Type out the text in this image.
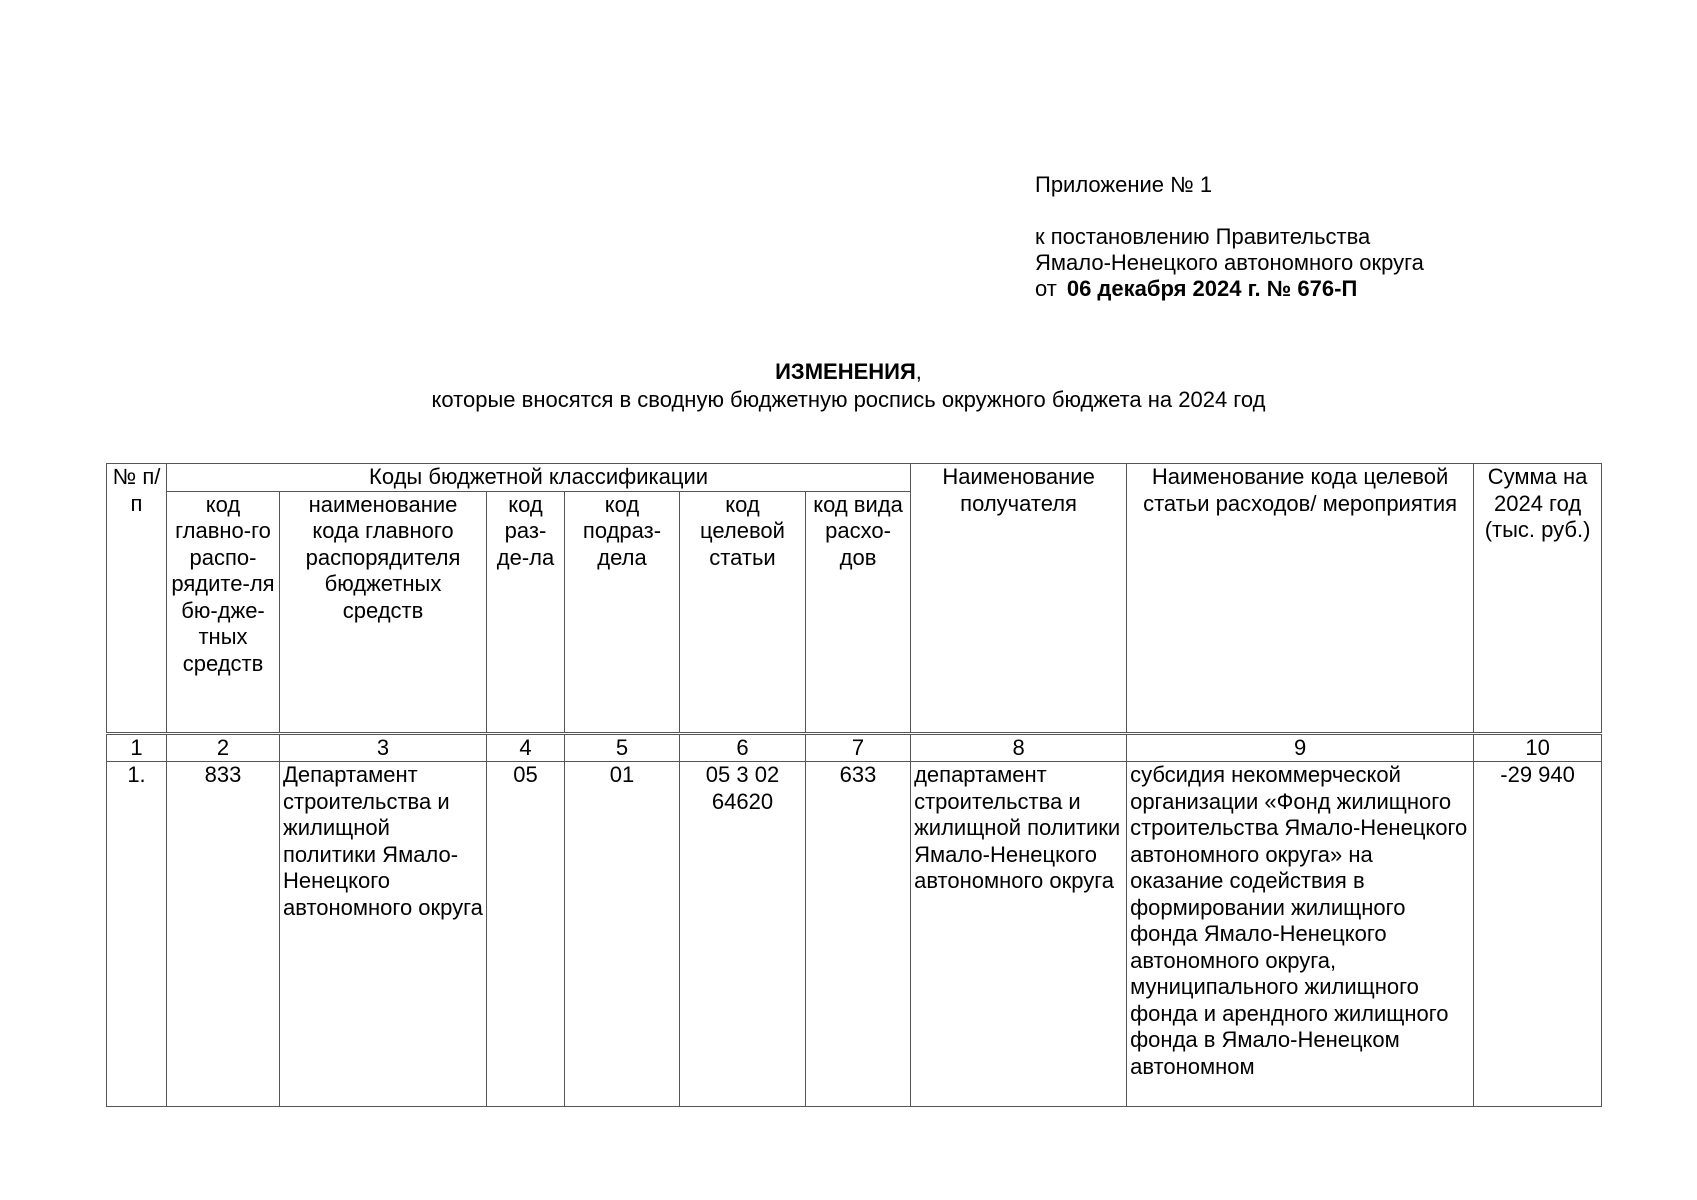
Приложение № 1
к постановлению Правительства
Ямало-Ненецкого автономного округа
от 06 декабря 2024 г. № 676-П
ИЗМЕНЕНИЯ,
которые вносятся в сводную бюджетную роспись окружного бюджета на 2024 год
№ п/п	Коды бюджетной классификации						Наименование получателя	Наименование кода целевой статьи расходов/ мероприятия	Сумма на 2024 год (тыс. руб.)
	код главно-го распо-рядите-ля бю-дже-тных средств	наименование кода главного распорядителя бюджетных средств	код раз-де-ла	код подраз-дела	код целевой статьи	код вида расхо-дов			
1	2	3	4	5	6	7	8	9	10
1.	833	Департамент строительства и жилищной политики Ямало-Ненецкого автономного округа	05	01	05 3 02 64620	633	департамент строительства и жилищной политики Ямало-Ненецкого автономного округа	субсидия некоммерческой организации «Фонд жилищного строительства Ямало-Ненецкого автономного округа» на оказание содействия в формировании жилищного фонда Ямало-Ненецкого автономного округа, муниципального жилищного фонда и арендного жилищного фонда в Ямало-Ненецком автономном	-29 940
